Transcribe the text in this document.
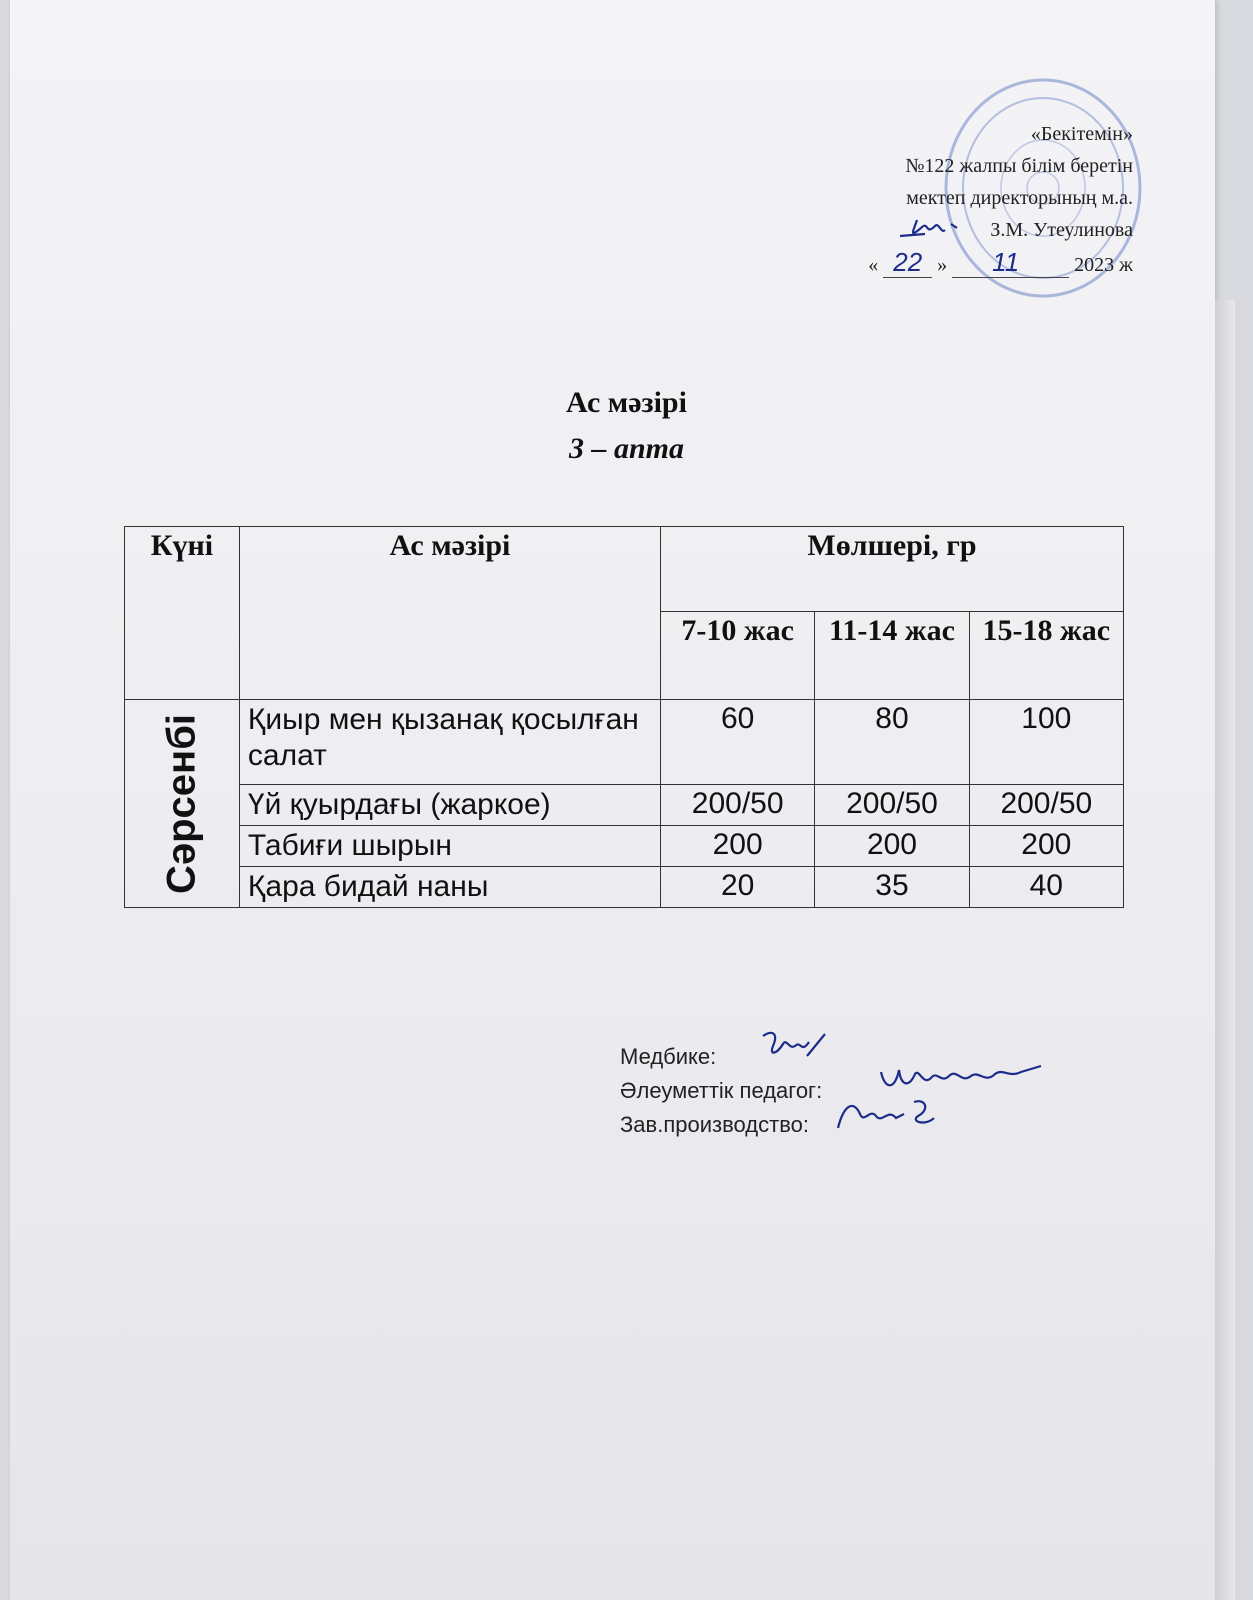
«Бекітемін»
№122 жалпы білім беретін
мектеп директорының м.а.
З.М. Утеулинова
« 22 » 11	2023 ж
Ас мәзірі
3 – апта
Күні	Ас мәзірі	Мөлшері, гр		
		7-10 жас	11-14 жас	15-18 жас

Сәрсенбі	Қиыр мен қызанақ қосылған салат	60	80	100
	Үй қуырдағы (жаркое)	200/50	200/50	200/50
	Табиғи шырын	200	200	200
	Қара бидай наны	20	35	40
Медбике:
Әлеуметтік педагог:
Зав.производство:
